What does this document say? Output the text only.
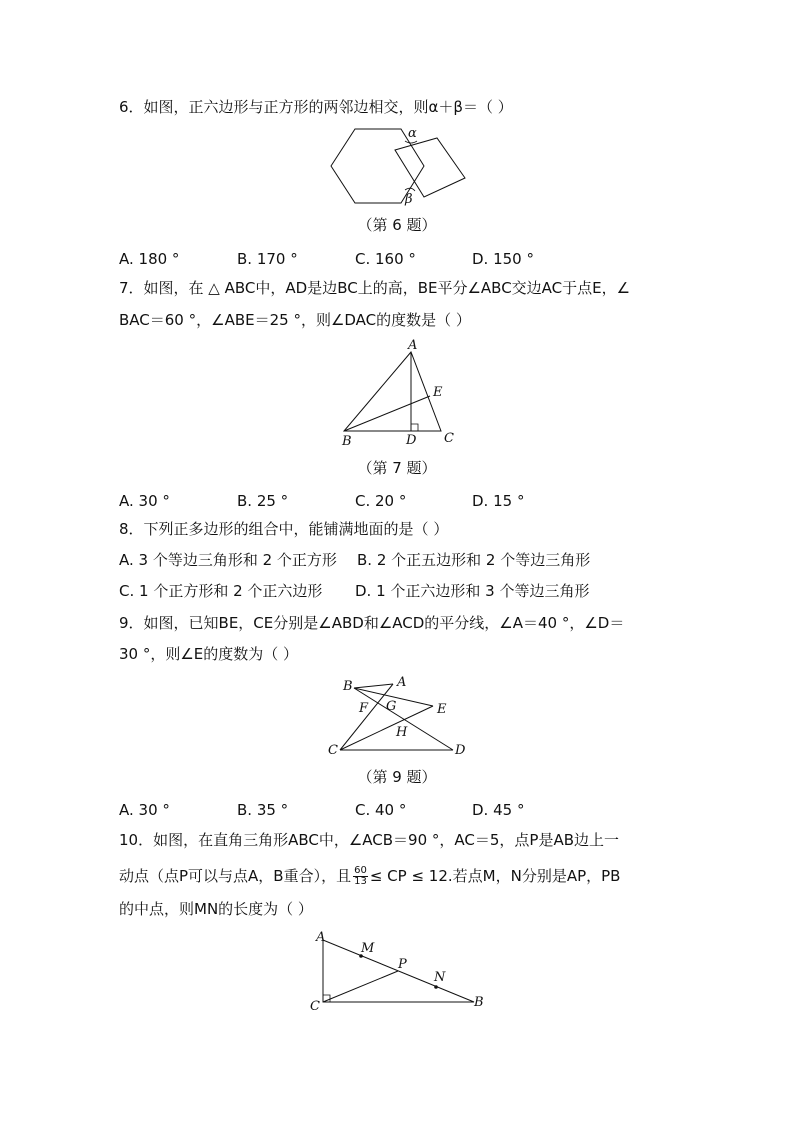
6．如图，正六边形与正方形的两邻边相交，则α＋β＝（ ）
α
β
（第 6 题）
A. 180 °	B. 170 °	C. 160 °	D. 150 °
7．如图，在 △ ABC中，AD是边BC上的高，BE平分∠ABC交边AC于点E，∠
BAC＝60 °，∠ABE＝25 °，则∠DAC的度数是（ ）
A
B	C
D
E
（第 7 题）
A. 30 °	B. 25 °	C. 20 °	D. 15 °
8．下列正多边形的组合中，能铺满地面的是（ ）
A. 3 个等边三角形和 2 个正方形 B. 2 个正五边形和 2 个等边三角形
C. 1 个正方形和 2 个正六边形 D. 1 个正六边形和 3 个等边三角形
9．如图，已知BE，CE分别是∠ABD和∠ACD的平分线，∠A＝40 °，∠D＝
30 °，则∠E的度数为（ ）
B	A
F G	E
H
C	D
（第 9 题）
A. 30 °	B. 35 °	C. 40 °	D. 45 °
10．如图，在直角三角形ABC中，∠ACB＝90 °，AC＝5，点P是AB边上一
动点（点P可以与点A，B重合），且 $\frac{60}{13}$ ≤ CP ≤ 12.若点M，N分别是AP，PB
的中点，则MN的长度为（ ）
A
M
P
N
C	B
